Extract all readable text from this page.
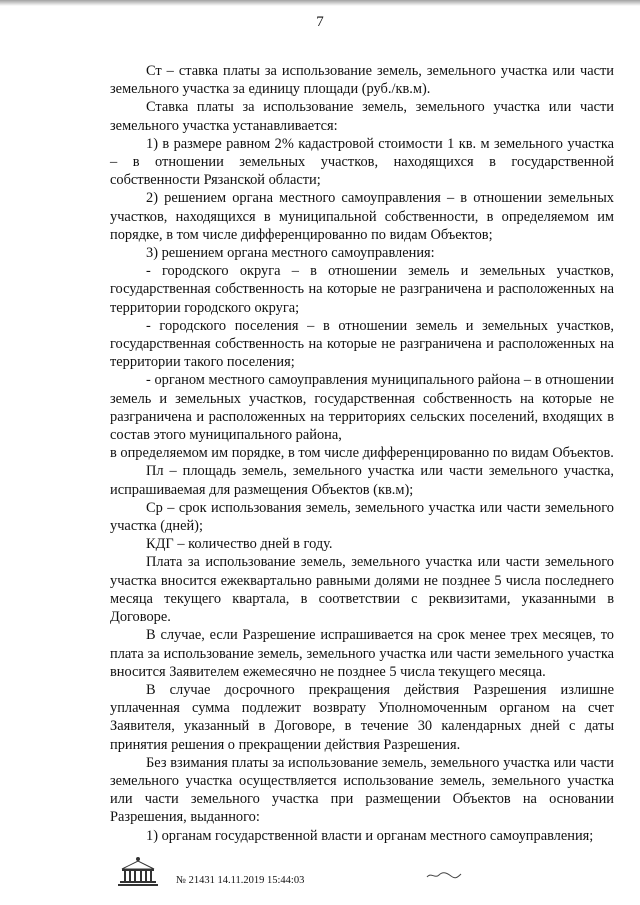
7

Ст – ставка платы за использование земель, земельного участка или части земельного участка за единицу площади (руб./кв.м).

Ставка платы за использование земель, земельного участка или части земельного участка устанавливается:

1) в размере равном 2% кадастровой стоимости 1 кв. м земельного участка – в отношении земельных участков, находящихся в государственной собственности Рязанской области;

2) решением органа местного самоуправления – в отношении земельных участков, находящихся в муниципальной собственности, в определяемом им порядке, в том числе дифференцированно по видам Объектов;

3) решением органа местного самоуправления:

- городского округа – в отношении земель и земельных участков, государственная собственность на которые не разграничена и расположенных на территории городского округа;

- городского поселения – в отношении земель и земельных участков, государственная собственность на которые не разграничена и расположенных на территории такого поселения;

- органом местного самоуправления муниципального района – в отношении земель и земельных участков, государственная собственность на которые не разграничена и расположенных на территориях сельских поселений, входящих в состав этого муниципального района,

в определяемом им порядке, в том числе дифференцированно по видам Объектов.

Пл – площадь земель, земельного участка или части земельного участка, испрашиваемая для размещения Объектов (кв.м);

Ср – срок использования земель, земельного участка или части земельного участка (дней);

КДГ – количество дней в году.

Плата за использование земель, земельного участка или части земельного участка вносится ежеквартально равными долями не позднее 5 числа последнего месяца текущего квартала, в соответствии с реквизитами, указанными в Договоре.

В случае, если Разрешение испрашивается на срок менее трех месяцев, то плата за использование земель, земельного участка или части земельного участка вносится Заявителем ежемесячно не позднее 5 числа текущего месяца.

В случае досрочного прекращения действия Разрешения излишне уплаченная сумма подлежит возврату Уполномоченным органом на счет Заявителя, указанный в Договоре, в течение 30 календарных дней с даты принятия решения о прекращении действия Разрешения.

Без взимания платы за использование земель, земельного участка или части земельного участка осуществляется использование земель, земельного участка или части земельного участка при размещении Объектов на основании Разрешения, выданного:

1) органам государственной власти и органам местного самоуправления;

№ 21431 14.11.2019 15:44:03
